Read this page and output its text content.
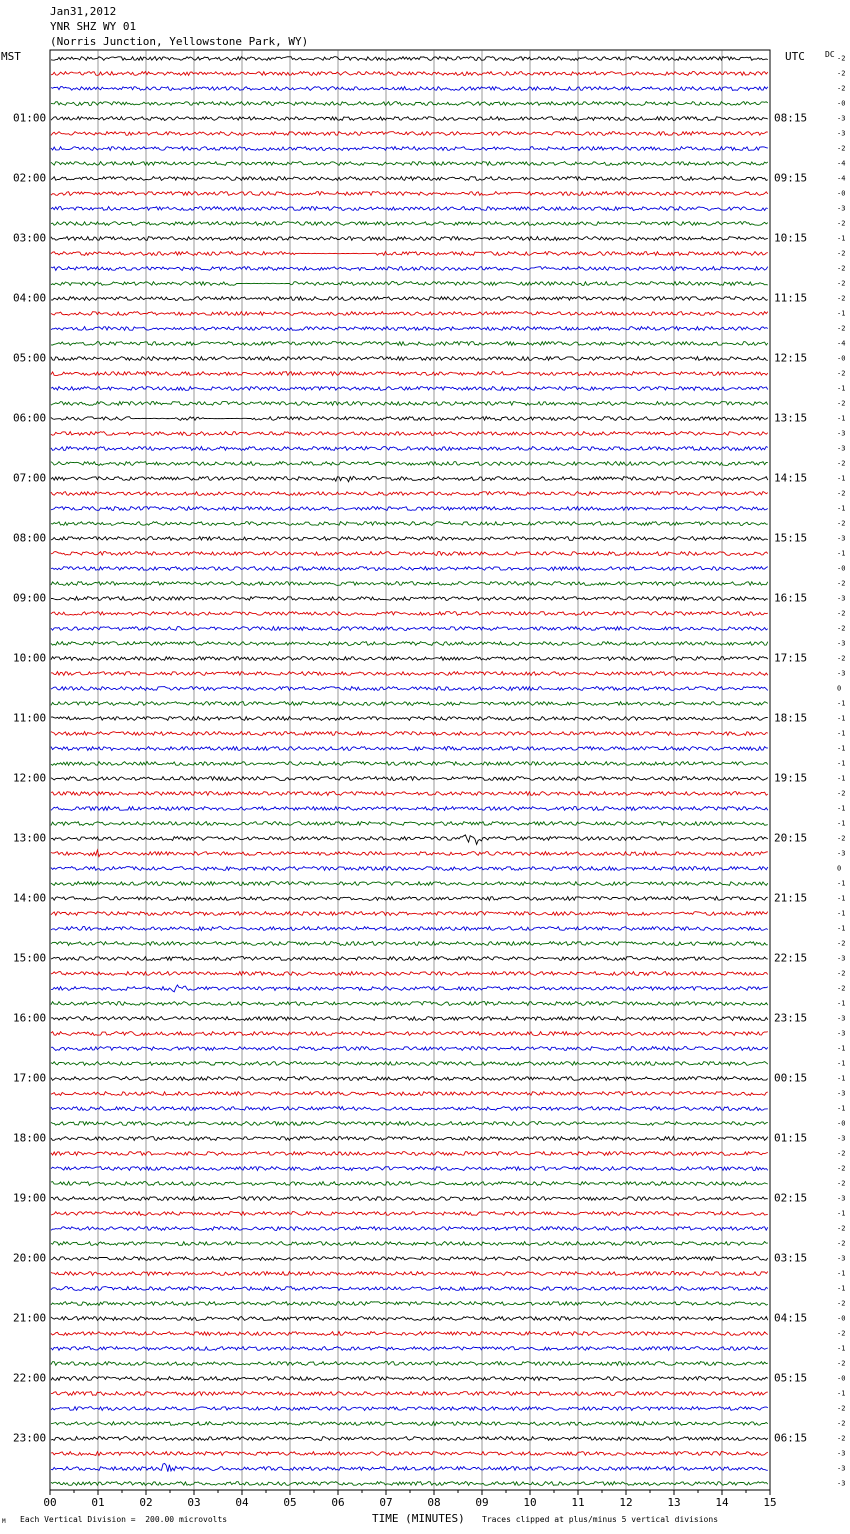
Jan31,2012
YNR SHZ WY 01
(Norris Junction, Yellowstone Park, WY)
01:00
02:00
03:00
04:00
05:00
06:00
07:00
08:00
09:00
10:00
11:00
12:00
13:00
14:00
15:00
16:00
17:00
18:00
19:00
20:00
21:00
22:00
23:00
08:15
09:15
10:15
11:15
12:15
13:15
14:15
15:15
16:15
17:15
18:15
19:15
20:15
21:15
22:15
23:15
00:15
01:15
02:15
03:15
04:15
05:15
06:15
-2
-2
-2
-0
-3
-3
-2
-4
-4
-0
-3
-2
-1
-2
-2
-2
-2
-1
-2
-4
-0
-2
-1
-2
-1
-3
-3
-2
-1
-2
-1
-2
-3
-1
-0
-2
-3
-2
-2
-3
-2
-3
0
-1
-1
-1
-1
-1
-1
-2
-1
-1
-2
-3
0
-1
-1
-1
-1
-2
-3
-2
-2
-1
-3
-3
-1
-1
-1
-3
-1
-0
-3
-2
-2
-2
-3
-1
-2
-2
-3
-1
-1
-2
-0
-2
-1
-2
-0
-1
-2
-2
-2
-3
-3
-3
00	01	02	03	04	05	06	07	08	09	10	11	12	13	14	15
MST	UTC	DC
M Each Vertical Division =  200.00 microvolts	TIME (MINUTES) Traces clipped at plus/minus 5 vertical divisions
